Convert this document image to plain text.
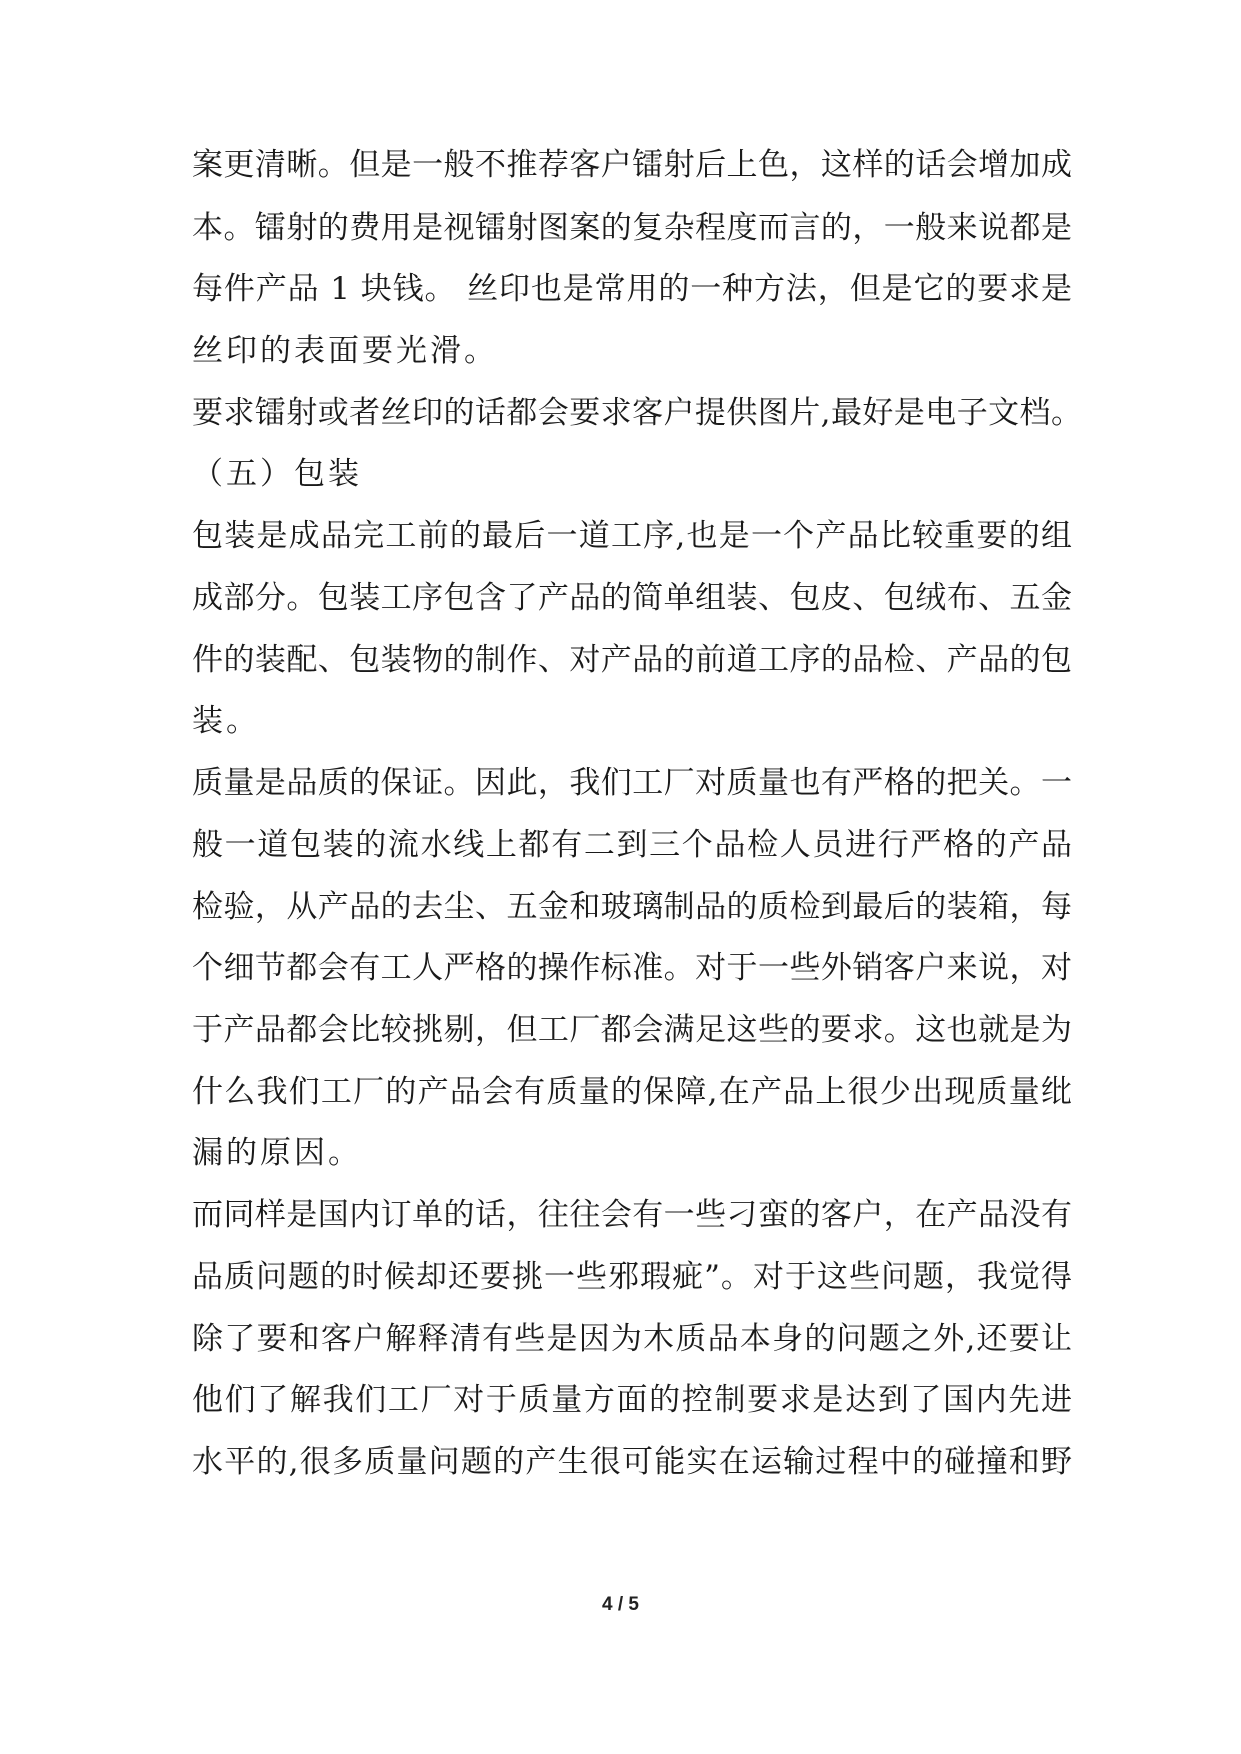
案更清晰。但是一般不推荐客户镭射后上色，这样的话会增加成
本。镭射的费用是视镭射图案的复杂程度而言的，一般来说都是
每件产品 1 块钱。 丝印也是常用的一种方法，但是它的要求是
丝印的表面要光滑。
要求镭射或者丝印的话都会要求客户提供图片,最好是电子文档。
（五）包装
包装是成品完工前的最后一道工序,也是一个产品比较重要的组
成部分。包装工序包含了产品的简单组装、包皮、包绒布、五金
件的装配、包装物的制作、对产品的前道工序的品检、产品的包
装。
质量是品质的保证。因此，我们工厂对质量也有严格的把关。一
般一道包装的流水线上都有二到三个品检人员进行严格的产品
检验，从产品的去尘、五金和玻璃制品的质检到最后的装箱，每
个细节都会有工人严格的操作标准。对于一些外销客户来说，对
于产品都会比较挑剔，但工厂都会满足这些的要求。这也就是为
什么我们工厂的产品会有质量的保障,在产品上很少出现质量纰
漏的原因。
而同样是国内订单的话，往往会有一些刁蛮的客户，在产品没有
品质问题的时候却还要挑一些邪瑕疵”。对于这些问题，我觉得
除了要和客户解释清有些是因为木质品本身的问题之外,还要让
他们了解我们工厂对于质量方面的控制要求是达到了国内先进
水平的,很多质量问题的产生很可能实在运输过程中的碰撞和野
4 / 5
